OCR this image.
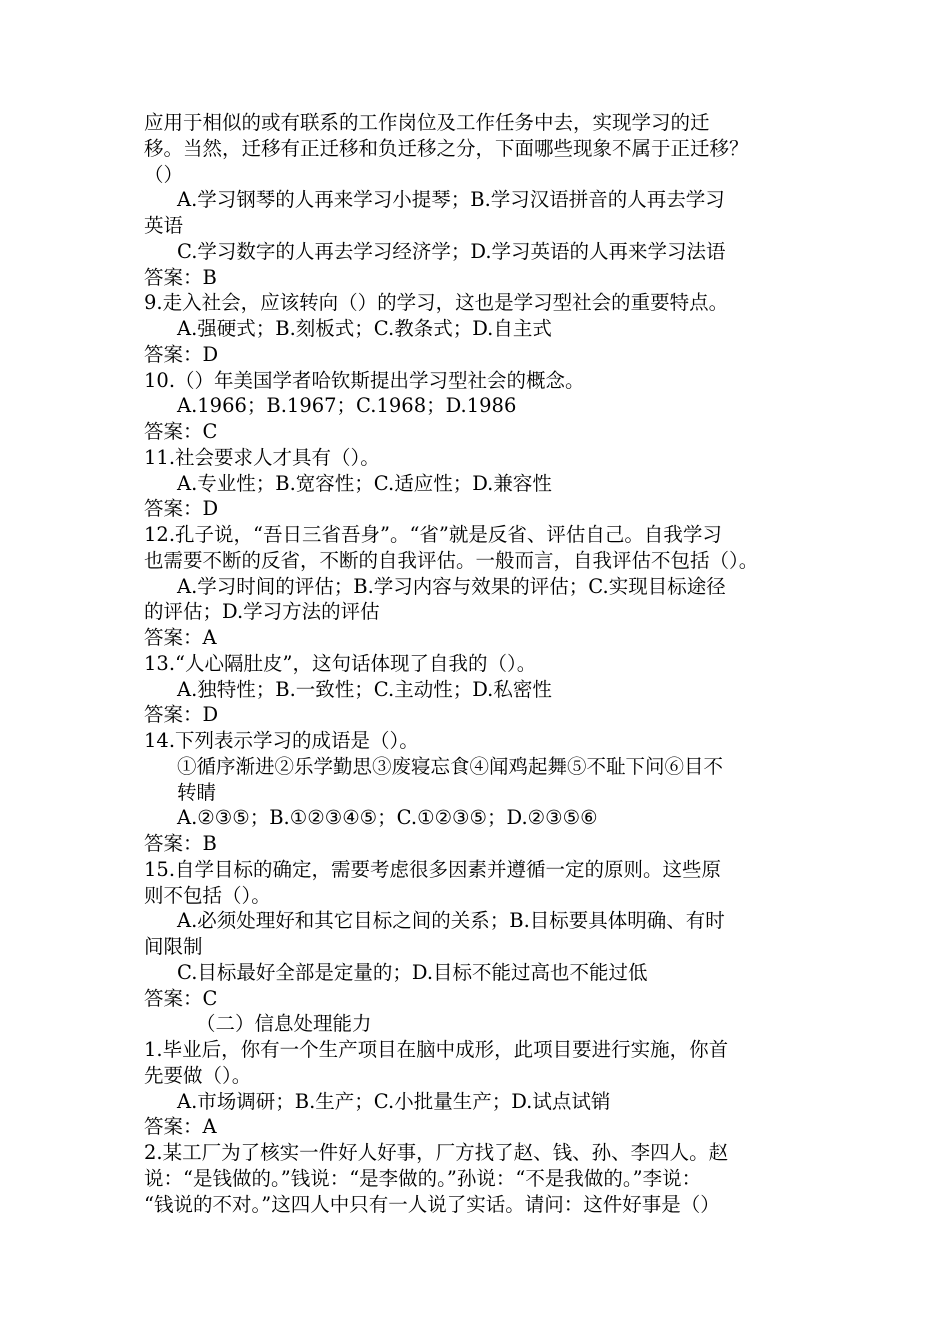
应用于相似的或有联系的工作岗位及工作任务中去，实现学习的迁
移。当然，迁移有正迁移和负迁移之分，下面哪些现象不属于正迁移？
（）
A.学习钢琴的人再来学习小提琴；B.学习汉语拼音的人再去学习
英语
C.学习数字的人再去学习经济学；D.学习英语的人再来学习法语
答案：B
9.走入社会，应该转向（）的学习，这也是学习型社会的重要特点。
A.强硬式；B.刻板式；C.教条式；D.自主式
答案：D
10.（）年美国学者哈钦斯提出学习型社会的概念。
A.1966；B.1967；C.1968；D.1986
答案：C
11.社会要求人才具有（）。
A.专业性；B.宽容性；C.适应性；D.兼容性
答案：D
12.孔子说，“吾日三省吾身”。“省”就是反省、评估自己。自我学习
也需要不断的反省，不断的自我评估。一般而言，自我评估不包括（）。
A.学习时间的评估；B.学习内容与效果的评估；C.实现目标途径
的评估；D.学习方法的评估
答案：A
13.“人心隔肚皮”，这句话体现了自我的（）。
A.独特性；B.一致性；C.主动性；D.私密性
答案：D
14.下列表示学习的成语是（）。
①循序渐进②乐学勤思③废寝忘食④闻鸡起舞⑤不耻下问⑥目不
转睛
A.②③⑤；B.①②③④⑤；C.①②③⑤；D.②③⑤⑥
答案：B
15.自学目标的确定，需要考虑很多因素并遵循一定的原则。这些原
则不包括（）。
A.必须处理好和其它目标之间的关系；B.目标要具体明确、有时
间限制
C.目标最好全部是定量的；D.目标不能过高也不能过低
答案：C
（二）信息处理能力
1.毕业后，你有一个生产项目在脑中成形，此项目要进行实施，你首
先要做（）。
A.市场调研；B.生产；C.小批量生产；D.试点试销
答案：A
2.某工厂为了核实一件好人好事，厂方找了赵、钱、孙、李四人。赵
说：“是钱做的。”钱说：“是李做的。”孙说：“不是我做的。”李说：
“钱说的不对。”这四人中只有一人说了实话。请问：这件好事是（）
